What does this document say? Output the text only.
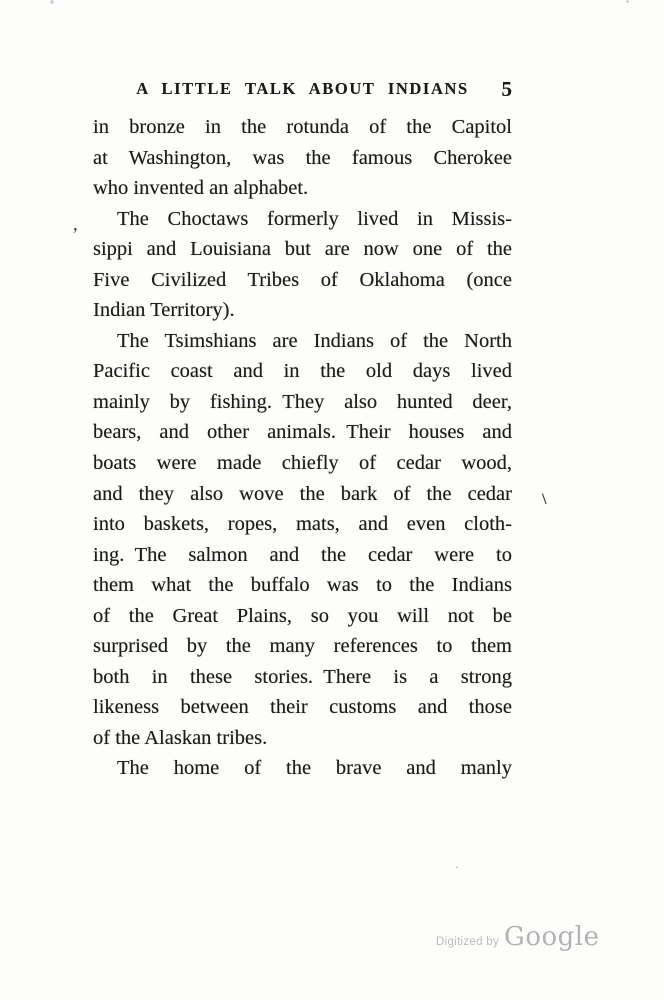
A LITTLE TALK ABOUT INDIANS	5
in bronze in the rotunda of the Capitol
at Washington, was the famous Cherokee
who invented an alphabet.
The Choctaws formerly lived in Missis-
sippi and Louisiana but are now one of the
Five Civilized Tribes of Oklahoma (once
Indian Territory).
The Tsimshians are Indians of the North
Pacific coast and in the old days lived
mainly by fishing. They also hunted deer,
bears, and other animals. Their houses and
boats were made chiefly of cedar wood,
and they also wove the bark of the cedar
into baskets, ropes, mats, and even cloth-
ing. The salmon and the cedar were to
them what the buffalo was to the Indians
of the Great Plains, so you will not be
surprised by the many references to them
both in these stories. There is a strong
likeness between their customs and those
of the Alaskan tribes.
The home of the brave and manly
,
\
·
Digitized by Google
